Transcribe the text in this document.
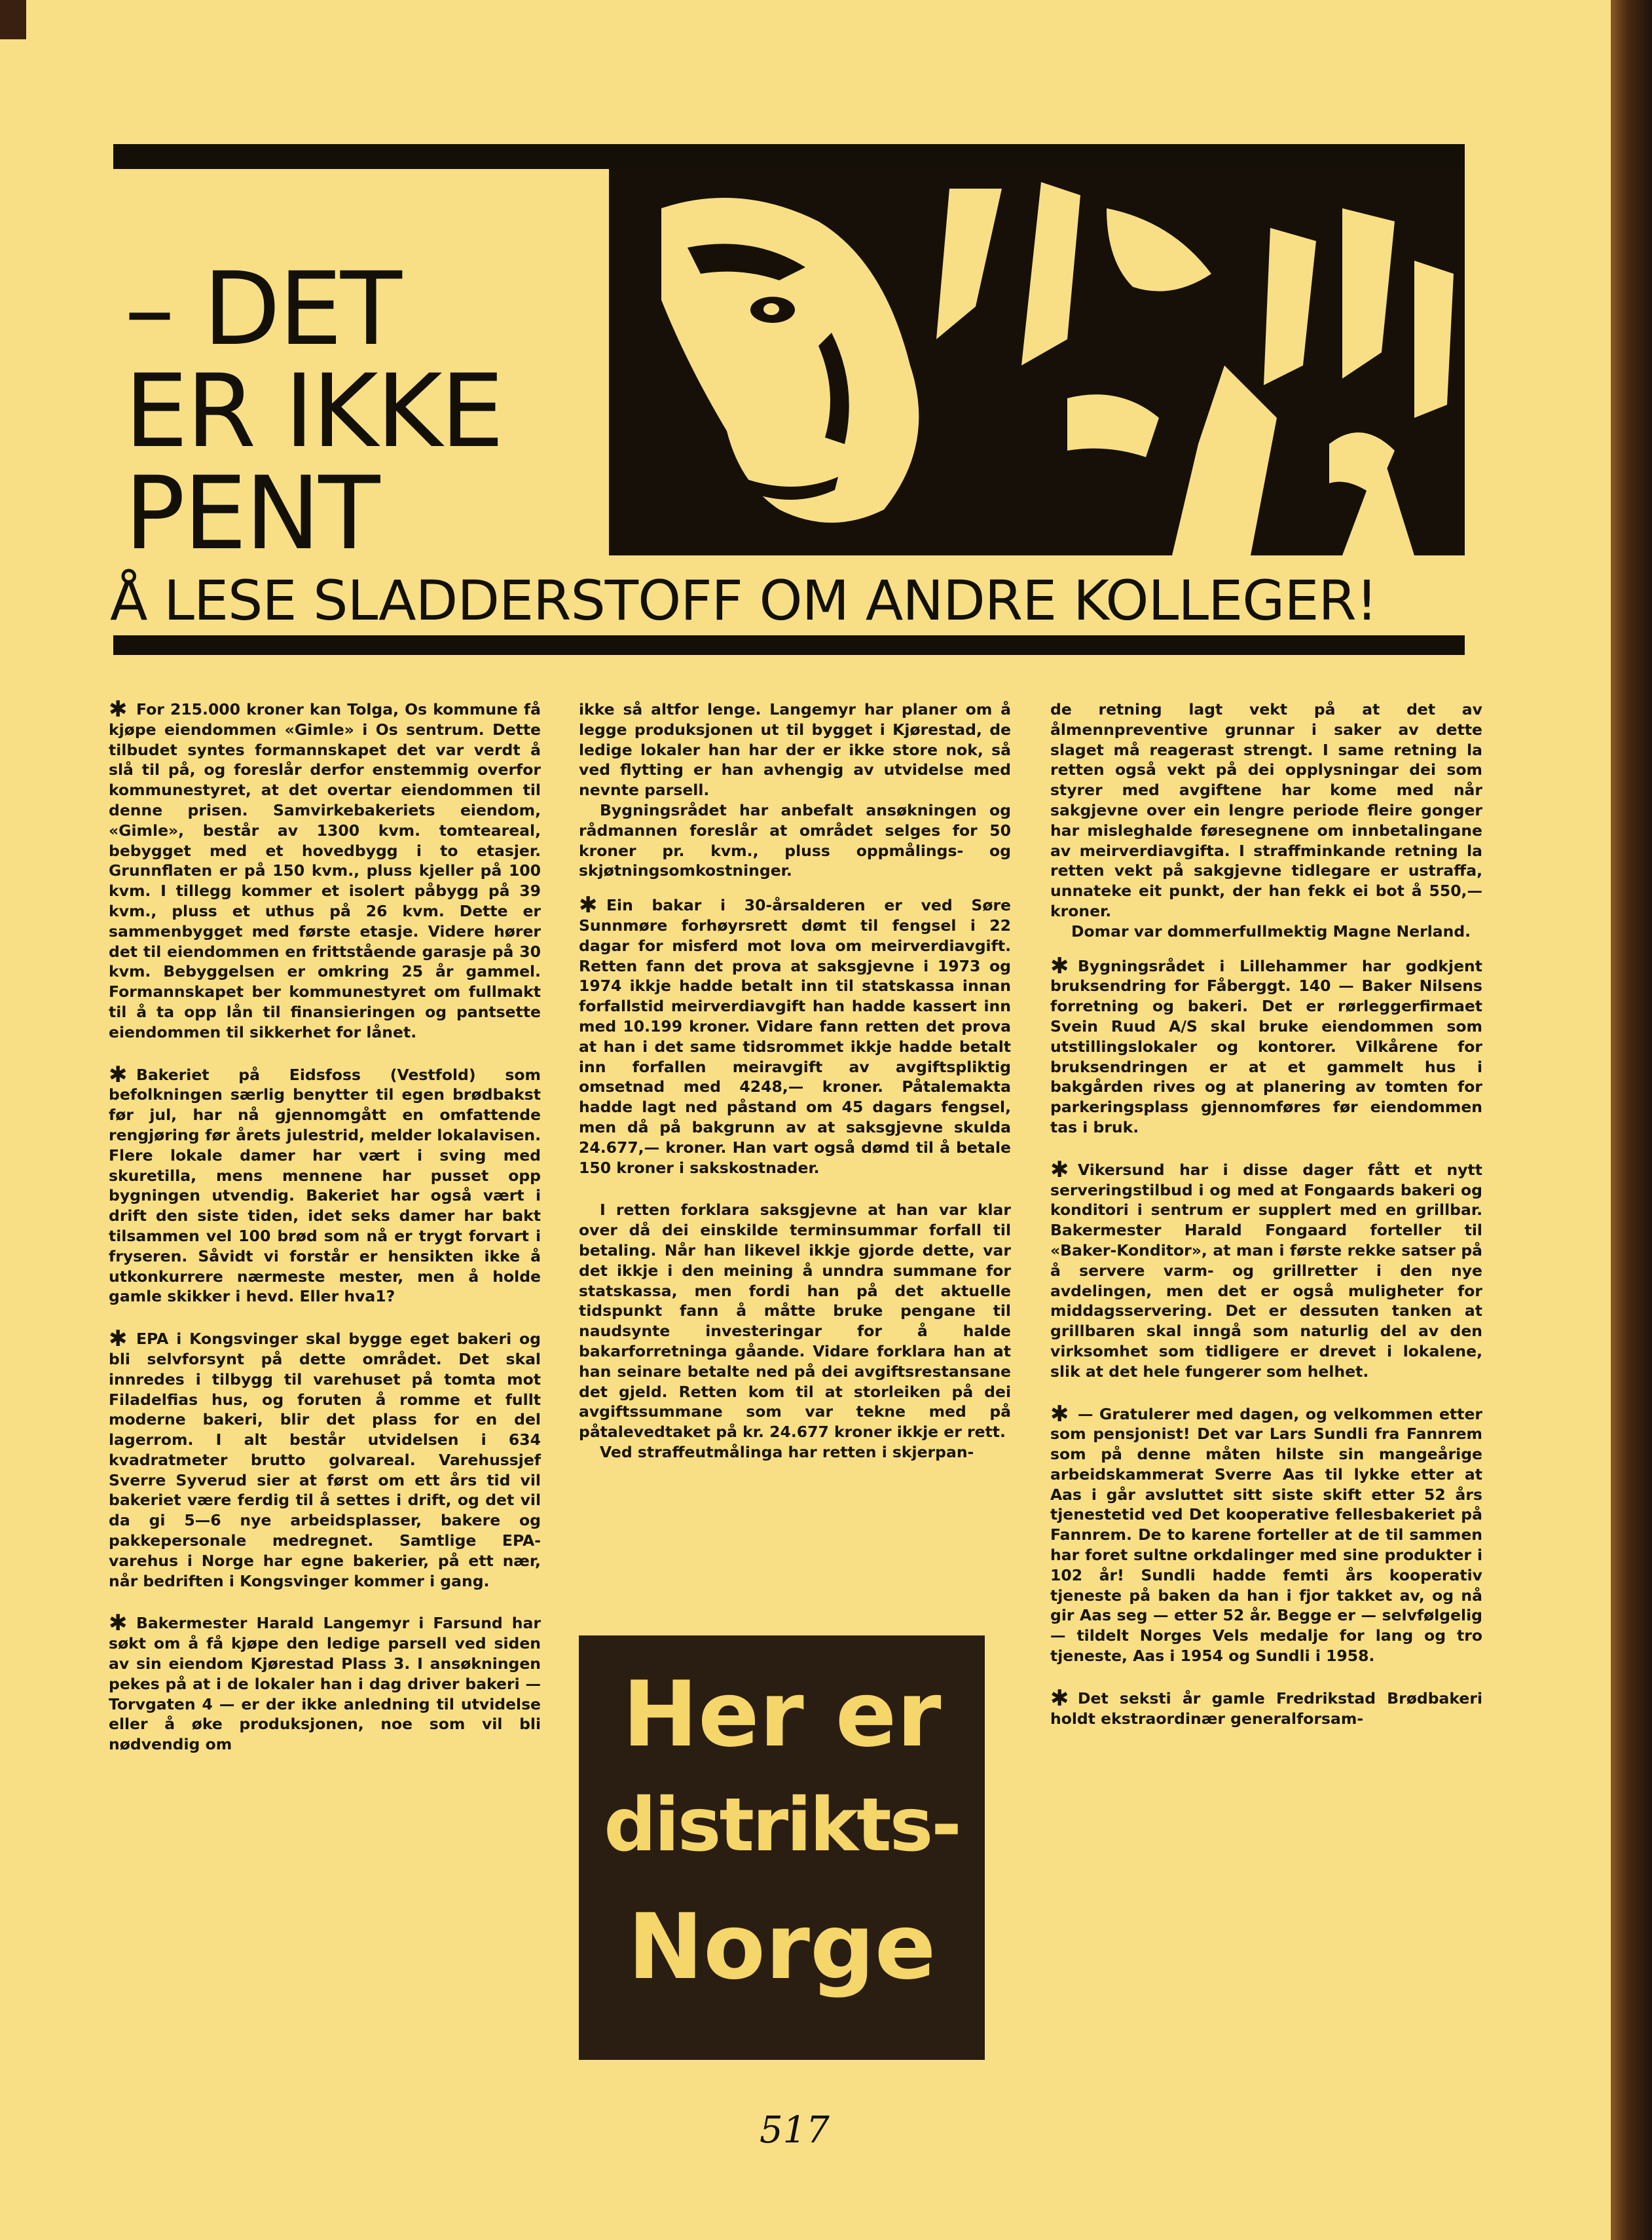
– DET
ER IKKE
PENT
Å LESE SLADDERSTOFF OM ANDRE KOLLEGER!

✱ For 215.000 kroner kan Tolga, Os kommune få kjøpe eiendommen «Gimle» i Os sentrum. Dette tilbudet syntes formannskapet det var verdt å slå til på, og foreslår derfor enstemmig overfor kommunestyret, at det overtar eiendommen til denne prisen. Samvirkebakeriets eiendom, «Gimle», består av 1300 kvm. tomteareal, bebygget med et hovedbygg i to etasjer. Grunnflaten er på 150 kvm., pluss kjeller på 100 kvm. I tillegg kommer et isolert påbygg på 39 kvm., pluss et uthus på 26 kvm. Dette er sammenbygget med første etasje. Videre hører det til eiendommen en frittstående garasje på 30 kvm. Bebyggelsen er omkring 25 år gammel. Formannskapet ber kommunestyret om fullmakt til å ta opp lån til finansieringen og pantsette eiendommen til sikkerhet for lånet.

✱ Bakeriet på Eidsfoss (Vestfold) som befolkningen særlig benytter til egen brødbakst før jul, har nå gjennomgått en omfattende rengjøring før årets julestrid, melder lokalavisen. Flere lokale damer har vært i sving med skuretilla, mens mennene har pusset opp bygningen utvendig. Bakeriet har også vært i drift den siste tiden, idet seks damer har bakt tilsammen vel 100 brød som nå er trygt forvart i fryseren. Såvidt vi forstår er hensikten ikke å utkonkurrere nærmeste mester, men å holde gamle skikker i hevd. Eller hva1?

✱ EPA i Kongsvinger skal bygge eget bakeri og bli selvforsynt på dette området. Det skal innredes i tilbygg til varehuset på tomta mot Filadelfias hus, og foruten å romme et fullt moderne bakeri, blir det plass for en del lagerrom. I alt består utvidelsen i 634 kvadratmeter brutto golvareal. Varehussjef Sverre Syverud sier at først om ett års tid vil bakeriet være ferdig til å settes i drift, og det vil da gi 5—6 nye arbeidsplasser, bakere og pakkepersonale medregnet. Samtlige EPA-varehus i Norge har egne bakerier, på ett nær, når bedriften i Kongsvinger kommer i gang.

✱ Bakermester Harald Langemyr i Farsund har søkt om å få kjøpe den ledige parsell ved siden av sin eiendom Kjørestad Plass 3. I ansøkningen pekes på at i de lokaler han i dag driver bakeri — Torvgaten 4 — er der ikke anledning til utvidelse eller å øke produksjonen, noe som vil bli nødvendig om

ikke så altfor lenge. Langemyr har planer om å legge produksjonen ut til bygget i Kjørestad, de ledige lokaler han har der er ikke store nok, så ved flytting er han avhengig av utvidelse med nevnte parsell.

Bygningsrådet har anbefalt ansøkningen og rådmannen foreslår at området selges for 50 kroner pr. kvm., pluss oppmålings- og skjøtningsomkostninger.

✱ Ein bakar i 30-årsalderen er ved Søre Sunnmøre forhøyrsrett dømt til fengsel i 22 dagar for misferd mot lova om meirverdiavgift. Retten fann det prova at saksgjevne i 1973 og 1974 ikkje hadde betalt inn til statskassa innan forfallstid meirverdiavgift han hadde kassert inn med 10.199 kroner. Vidare fann retten det prova at han i det same tidsrommet ikkje hadde betalt inn forfallen meiravgift av avgiftspliktig omsetnad med 4248,— kroner. Påtalemakta hadde lagt ned påstand om 45 dagars fengsel, men då på bakgrunn av at saksgjevne skulda 24.677,— kroner. Han vart også dømd til å betale 150 kroner i sakskostnader.

I retten forklara saksgjevne at han var klar over då dei einskilde terminsummar forfall til betaling. Når han likevel ikkje gjorde dette, var det ikkje i den meining å unndra summane for statskassa, men fordi han på det aktuelle tidspunkt fann å måtte bruke pengane til naudsynte investeringar for å halde bakarforretninga gåande. Vidare forklara han at han seinare betalte ned på dei avgiftsrestansane det gjeld. Retten kom til at storleiken på dei avgiftssummane som var tekne med på påtalevedtaket på kr. 24.677 kroner ikkje er rett.

Ved straffeutmålinga har retten i skjerpan-

de retning lagt vekt på at det av ålmennpreventive grunnar i saker av dette slaget må reagerast strengt. I same retning la retten også vekt på dei opplysningar dei som styrer med avgiftene har kome med når sakgjevne over ein lengre periode fleire gonger har misleghalde føresegnene om innbetalingane av meirverdiavgifta. I straffminkande retning la retten vekt på sakgjevne tidlegare er ustraffa, unnateke eit punkt, der han fekk ei bot å 550,— kroner.

Domar var dommerfullmektig Magne Nerland.

✱ Bygningsrådet i Lillehammer har godkjent bruksendring for Fåberggt. 140 — Baker Nilsens forretning og bakeri. Det er rørleggerfirmaet Svein Ruud A/S skal bruke eiendommen som utstillingslokaler og kontorer. Vilkårene for bruksendringen er at et gammelt hus i bakgården rives og at planering av tomten for parkeringsplass gjennomføres før eiendommen tas i bruk.

✱ Vikersund har i disse dager fått et nytt serveringstilbud i og med at Fongaards bakeri og konditori i sentrum er supplert med en grillbar. Bakermester Harald Fongaard forteller til «Baker-Konditor», at man i første rekke satser på å servere varm- og grillretter i den nye avdelingen, men det er også muligheter for middagsservering. Det er dessuten tanken at grillbaren skal inngå som naturlig del av den virksomhet som tidligere er drevet i lokalene, slik at det hele fungerer som helhet.

✱ — Gratulerer med dagen, og velkommen etter som pensjonist! Det var Lars Sundli fra Fannrem som på denne måten hilste sin mangeårige arbeidskammerat Sverre Aas til lykke etter at Aas i går avsluttet sitt siste skift etter 52 års tjenestetid ved Det kooperative fellesbakeriet på Fannrem. De to karene forteller at de til sammen har foret sultne orkdalinger med sine produkter i 102 år! Sundli hadde femti års kooperativ tjeneste på baken da han i fjor takket av, og nå gir Aas seg — etter 52 år. Begge er — selvfølgelig — tildelt Norges Vels medalje for lang og tro tjeneste, Aas i 1954 og Sundli i 1958.

✱ Det seksti år gamle Fredrikstad Brødbakeri holdt ekstraordinær generalforsam-

Her er
distrikts-
Norge
517
